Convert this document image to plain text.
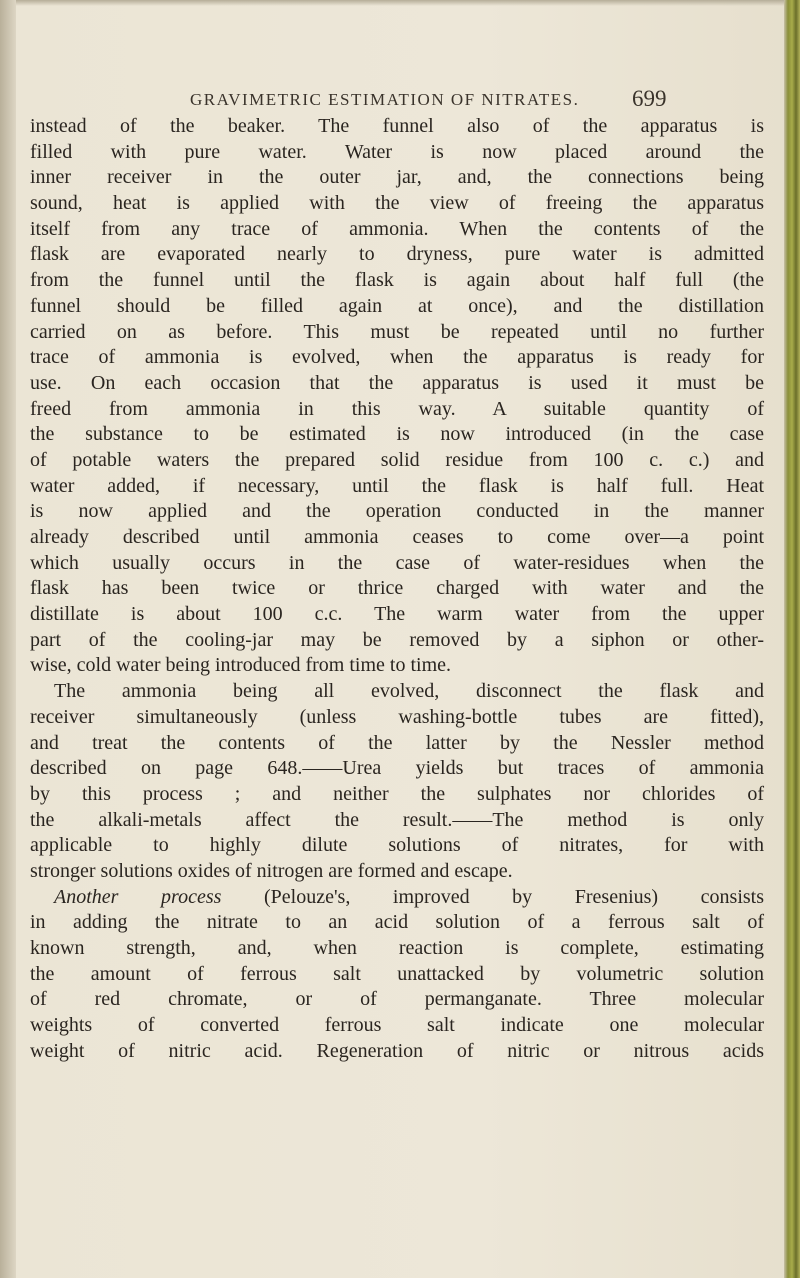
GRAVIMETRIC ESTIMATION OF NITRATES. 699
instead of the beaker. The funnel also of the apparatus is
filled with pure water. Water is now placed around the
inner receiver in the outer jar, and, the connections being
sound, heat is applied with the view of freeing the apparatus
itself from any trace of ammonia. When the contents of the
flask are evaporated nearly to dryness, pure water is admitted
from the funnel until the flask is again about half full (the
funnel should be filled again at once), and the distillation
carried on as before. This must be repeated until no further
trace of ammonia is evolved, when the apparatus is ready for
use. On each occasion that the apparatus is used it must be
freed from ammonia in this way. A suitable quantity of
the substance to be estimated is now introduced (in the case
of potable waters the prepared solid residue from 100 c. c.) and
water added, if necessary, until the flask is half full. Heat
is now applied and the operation conducted in the manner
already described until ammonia ceases to come over—a point
which usually occurs in the case of water-residues when the
flask has been twice or thrice charged with water and the
distillate is about 100 c.c. The warm water from the upper
part of the cooling-jar may be removed by a siphon or other-
wise, cold water being introduced from time to time.
The ammonia being all evolved, disconnect the flask and
receiver simultaneously (unless washing-bottle tubes are fitted),
and treat the contents of the latter by the Nessler method
described on page 648.——Urea yields but traces of ammonia
by this process ; and neither the sulphates nor chlorides of
the alkali-metals affect the result.——The method is only
applicable to highly dilute solutions of nitrates, for with
stronger solutions oxides of nitrogen are formed and escape.
Another process (Pelouze's, improved by Fresenius) consists
in adding the nitrate to an acid solution of a ferrous salt of
known strength, and, when reaction is complete, estimating
the amount of ferrous salt unattacked by volumetric solution
of red chromate, or of permanganate. Three molecular
weights of converted ferrous salt indicate one molecular
weight of nitric acid. Regeneration of nitric or nitrous acids
